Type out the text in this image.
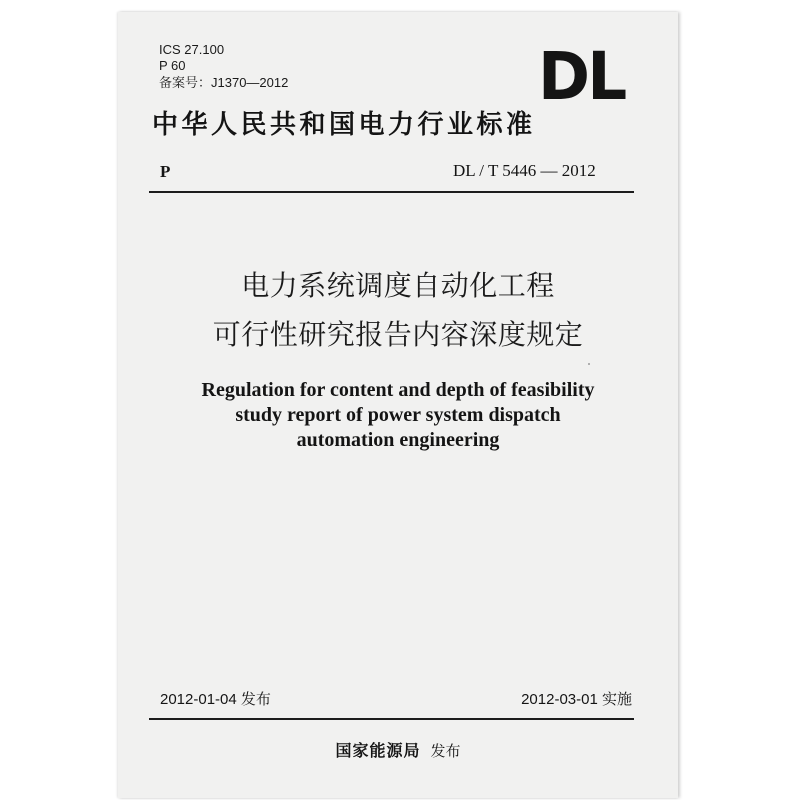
ICS 27.100
P 60
备案号：J1370—2012	DL
中华人民共和国电力行业标准
P	DL / T 5446 — 2012
电力系统调度自动化工程
可行性研究报告内容深度规定
Regulation for content and depth of feasibility
study report of power system dispatch
automation engineering
2012-01-04 发布	2012-03-01 实施
国家能源局 发布
